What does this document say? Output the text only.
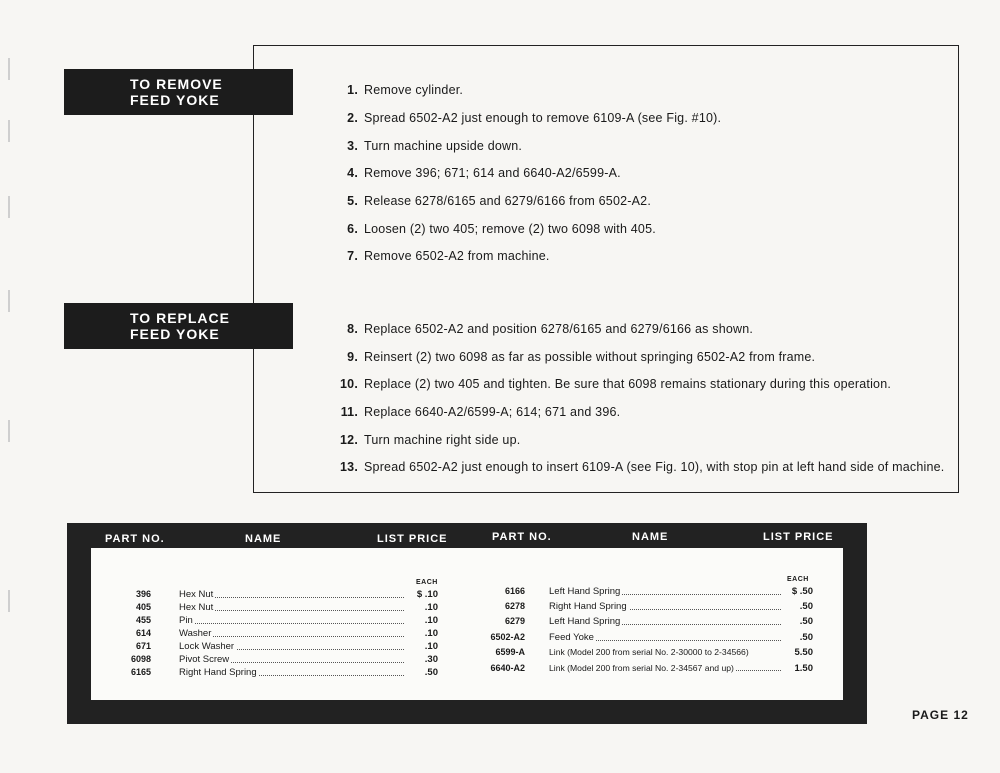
1. Remove cylinder.
2. Spread 6502-A2 just enough to remove 6109-A (see Fig. #10).
3. Turn machine upside down.
4. Remove 396; 671; 614 and 6640-A2/6599-A.
5. Release 6278/6165 and 6279/6166 from 6502-A2.
6. Loosen (2) two 405; remove (2) two 6098 with 405.
7. Remove 6502-A2 from machine.
8. Replace 6502-A2 and position 6278/6165 and 6279/6166 as shown.
9. Reinsert (2) two 6098 as far as possible without springing 6502-A2 from frame.
10. Replace (2) two 405 and tighten. Be sure that 6098 remains stationary during this operation.
11. Replace 6640-A2/6599-A; 614; 671 and 396.
12. Turn machine right side up.
13. Spread 6502-A2 just enough to insert 6109-A (see Fig. 10), with stop pin at left hand side of machine.
TO REMOVE
FEED YOKE
TO REPLACE
FEED YOKE
PART NO.	NAME	LIST PRICE	PART NO.	NAME	LIST PRICE
EACH	EACH
396	Hex Nut	$ .10
405	Hex Nut	.10
455	Pin	.10
614	Washer	.10
671	Lock Washer	.10
6098	Pivot Screw	.30
6165	Right Hand Spring	.50
6166	Left Hand Spring	$ .50
6278	Right Hand Spring	.50
6279	Left Hand Spring	.50
6502-A2	Feed Yoke	.50
6599-A	Link (Model 200 from serial No. 2-30000 to 2-34566)	5.50
6640-A2	Link (Model 200 from serial No. 2-34567 and up)	1.50
PAGE 12
